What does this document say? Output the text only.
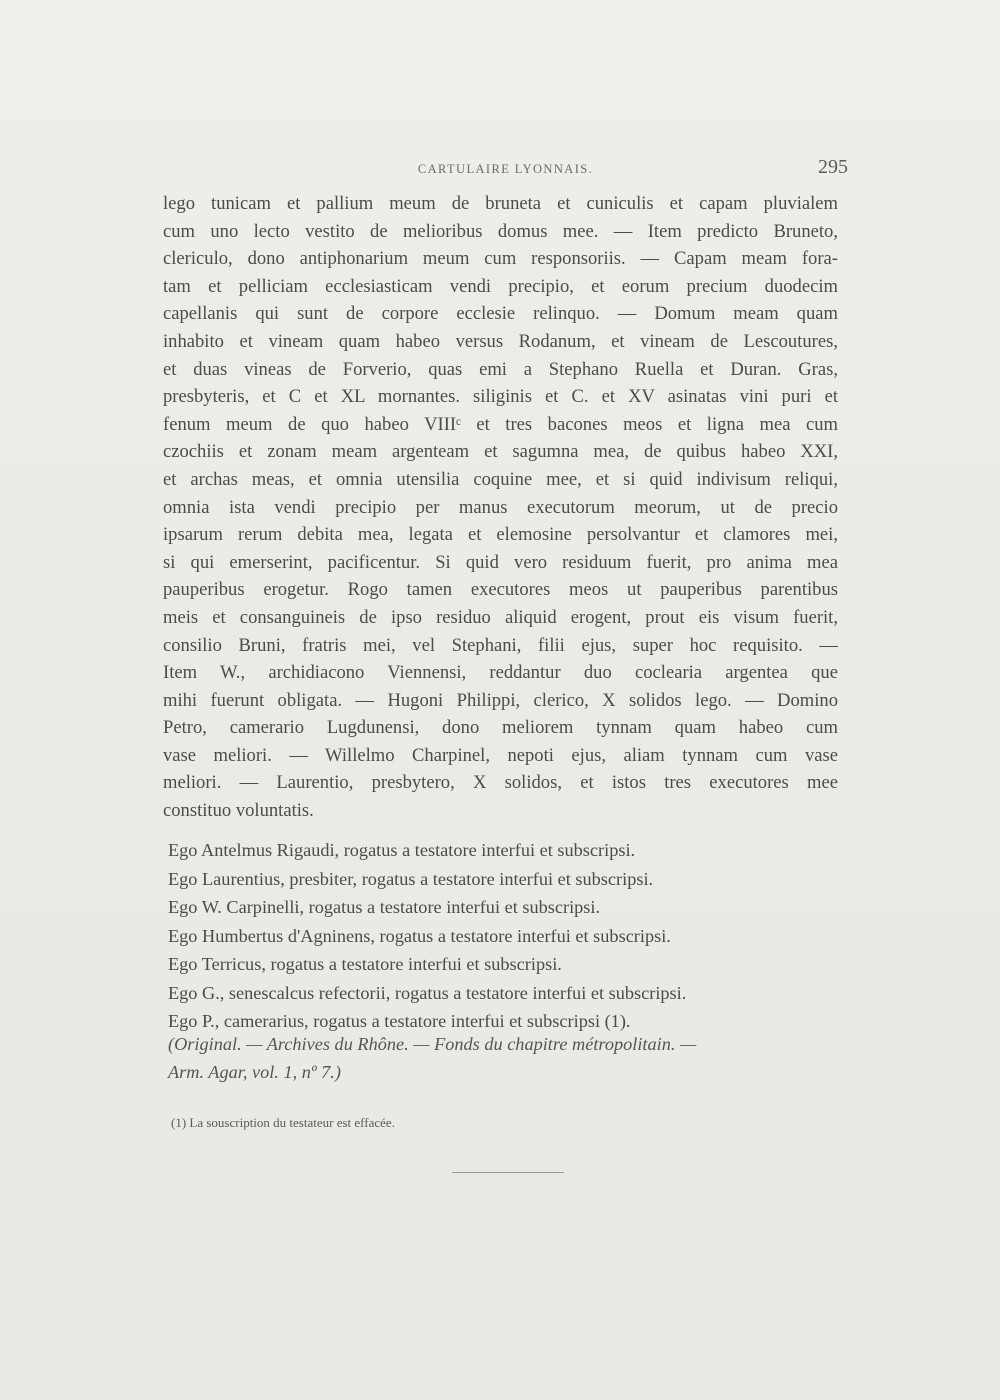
CARTULAIRE LYONNAIS.	295
lego tunicam et pallium meum de bruneta et cuniculis et capam pluvialem
cum uno lecto vestito de melioribus domus mee. — Item predicto Bruneto,
cleriсulo, dono antiphonarium meum cum responsoriis. — Capam meam fora-
tam et pelliciam ecclesiasticam vendi precipio, et eorum precium duodecim
capellanis qui sunt de corpore ecclesie relinquo. — Domum meam quam
inhabito et vineam quam habeo versus Rodanum, et vineam de Lescoutures,
et duas vineas de Forverio, quas emi a Stephano Ruella et Duran. Gras,
presbyteris, et C et XL mornantes. siliginis et C. et XV asinatas vini puri et
fenum meum de quo habeo VIIIᶜ et tres bacones meos et ligna mea cum
czochiis et zonam meam argenteam et sagumna mea, de quibus habeo XXI,
et archas meas, et omnia utensilia coquine mee, et si quid indivisum reliqui,
omnia ista vendi precipio per manus executorum meorum, ut de precio
ipsarum rerum debita mea, legata et elemosine persolvantur et clamores mei,
si qui emerserint, pacificentur. Si quid vero residuum fuerit, pro anima mea
pauperibus erogetur. Rogo tamen executores meos ut pauperibus parentibus
meis et consanguineis de ipso residuo aliquid erogent, prout eis visum fuerit,
consilio Bruni, fratris mei, vel Stephani, filii ejus, super hoc requisito. —
Item W., archidiacono Viennensi, reddantur duo coclearia argentea que
mihi fuerunt obligata. — Hugoni Philippi, clerico, X solidos lego. — Domino
Petro, camerario Lugdunensi, dono meliorem tynnam quam habeo cum
vase meliori. — Willelmo Charpinel, nepoti ejus, aliam tynnam cum vase
meliori. — Laurentio, presbytero, X solidos, et istos tres executores mee
constituo voluntatis.
Ego Antelmus Rigaudi, rogatus a testatore interfui et subscripsi.
Ego Laurentius, presbiter, rogatus a testatore interfui et subscripsi.
Ego W. Carpinelli, rogatus a testatore interfui et subscripsi.
Ego Humbertus d'Agninens, rogatus a testatore interfui et subscripsi.
Ego Terricus, rogatus a testatore interfui et subscripsi.
Ego G., senescalcus refectorii, rogatus a testatore interfui et subscripsi.
Ego P., camerarius, rogatus a testatore interfui et subscripsi (1).
(Original. — Archives du Rhône. — Fonds du chapitre métropolitain. —
Arm. Agar, vol. 1, nº 7.)
(1) La souscription du testateur est effacée.
